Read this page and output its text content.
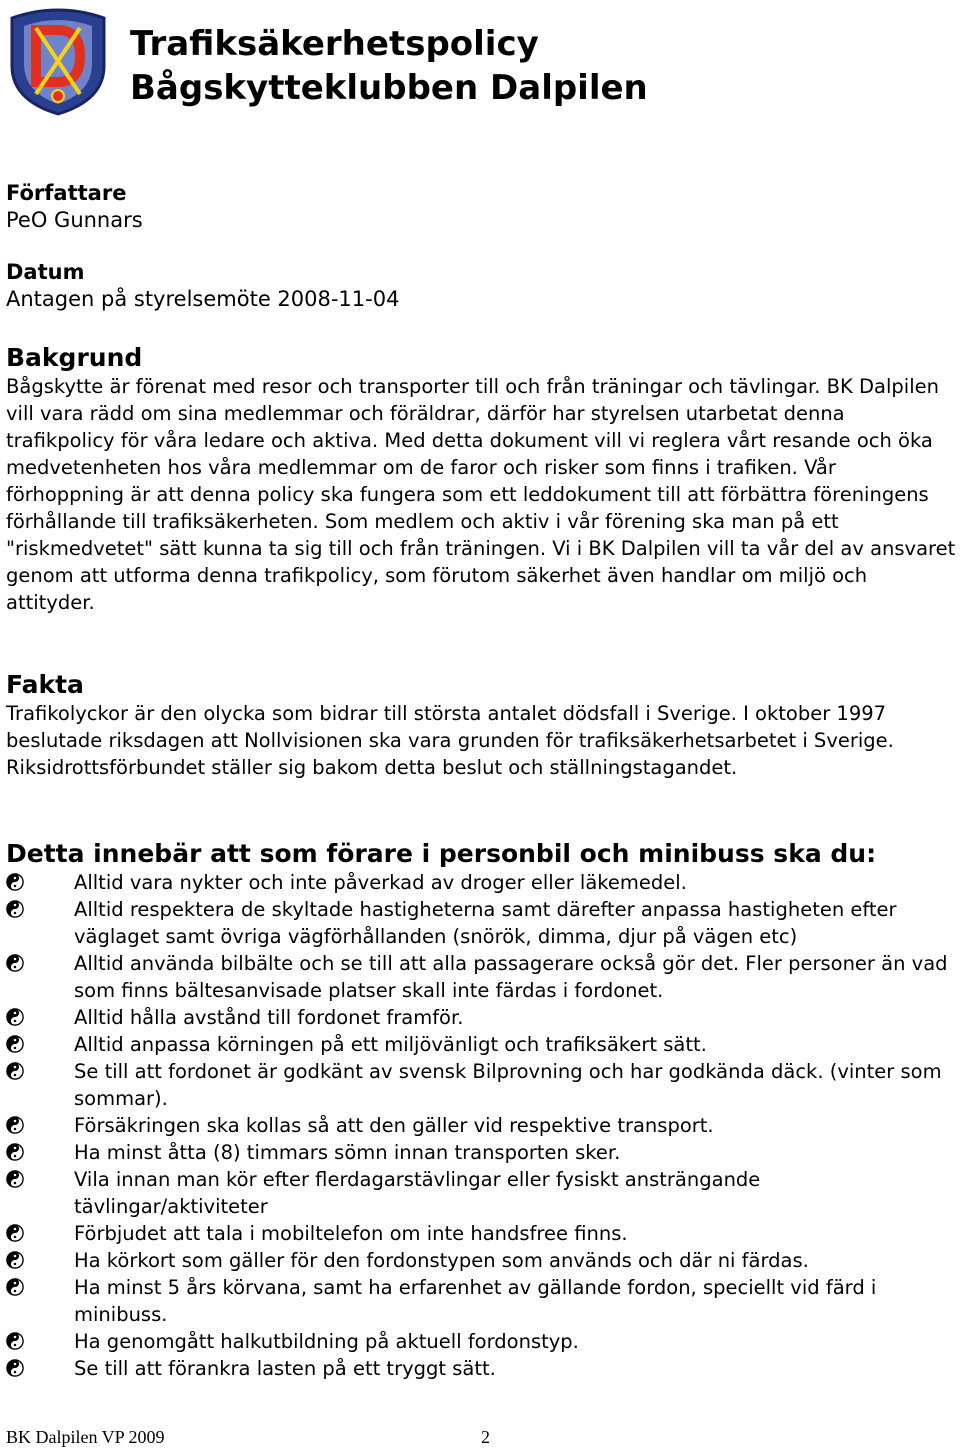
Trafiksäkerhetspolicy
Bågskytteklubben Dalpilen
Författare
PeO Gunnars
Datum
Antagen på styrelsemöte 2008-11-04
Bakgrund

Bågskytte är förenat med resor och transporter till och från träningar och tävlingar. BK Dalpilen vill vara rädd om sina medlemmar och föräldrar, därför har styrelsen utarbetat denna trafikpolicy för våra ledare och aktiva. Med detta dokument vill vi reglera vårt resande och öka medvetenheten hos våra medlemmar om de faror och risker som finns i trafiken. Vår förhoppning är att denna policy ska fungera som ett leddokument till att förbättra föreningens förhållande till trafiksäkerheten. Som medlem och aktiv i vår förening ska man på ett "riskmedvetet" sätt kunna ta sig till och från träningen. Vi i BK Dalpilen vill ta vår del av ansvaret genom att utforma denna trafikpolicy, som förutom säkerhet även handlar om miljö och attityder.

Fakta

Trafikolyckor är den olycka som bidrar till största antalet dödsfall i Sverige. I oktober 1997 beslutade riksdagen att Nollvisionen ska vara grunden för trafiksäkerhetsarbetet i Sverige. Riksidrottsförbundet ställer sig bakom detta beslut och ställningstagandet.

Detta innebär att som förare i personbil och minibuss ska du:
Alltid vara nykter och inte påverkad av droger eller läkemedel.
Alltid respektera de skyltade hastigheterna samt därefter anpassa hastigheten efter väglaget samt övriga vägförhållanden (snörök, dimma, djur på vägen etc)
Alltid använda bilbälte och se till att alla passagerare också gör det. Fler personer än vad som finns bältesanvisade platser skall inte färdas i fordonet.
Alltid hålla avstånd till fordonet framför.
Alltid anpassa körningen på ett miljövänligt och trafiksäkert sätt.
Se till att fordonet är godkänt av svensk Bilprovning och har godkända däck. (vinter som sommar).
Försäkringen ska kollas så att den gäller vid respektive transport.
Ha minst åtta (8) timmars sömn innan transporten sker.
Vila innan man kör efter flerdagarstävlingar eller fysiskt ansträngande tävlingar/aktiviteter
Förbjudet att tala i mobiltelefon om inte handsfree finns.
Ha körkort som gäller för den fordonstypen som används och där ni färdas.
Ha minst 5 års körvana, samt ha erfarenhet av gällande fordon, speciellt vid färd i minibuss.
Ha genomgått halkutbildning på aktuell fordonstyp.
Se till att förankra lasten på ett tryggt sätt.
BK Dalpilen VP 2009	2
